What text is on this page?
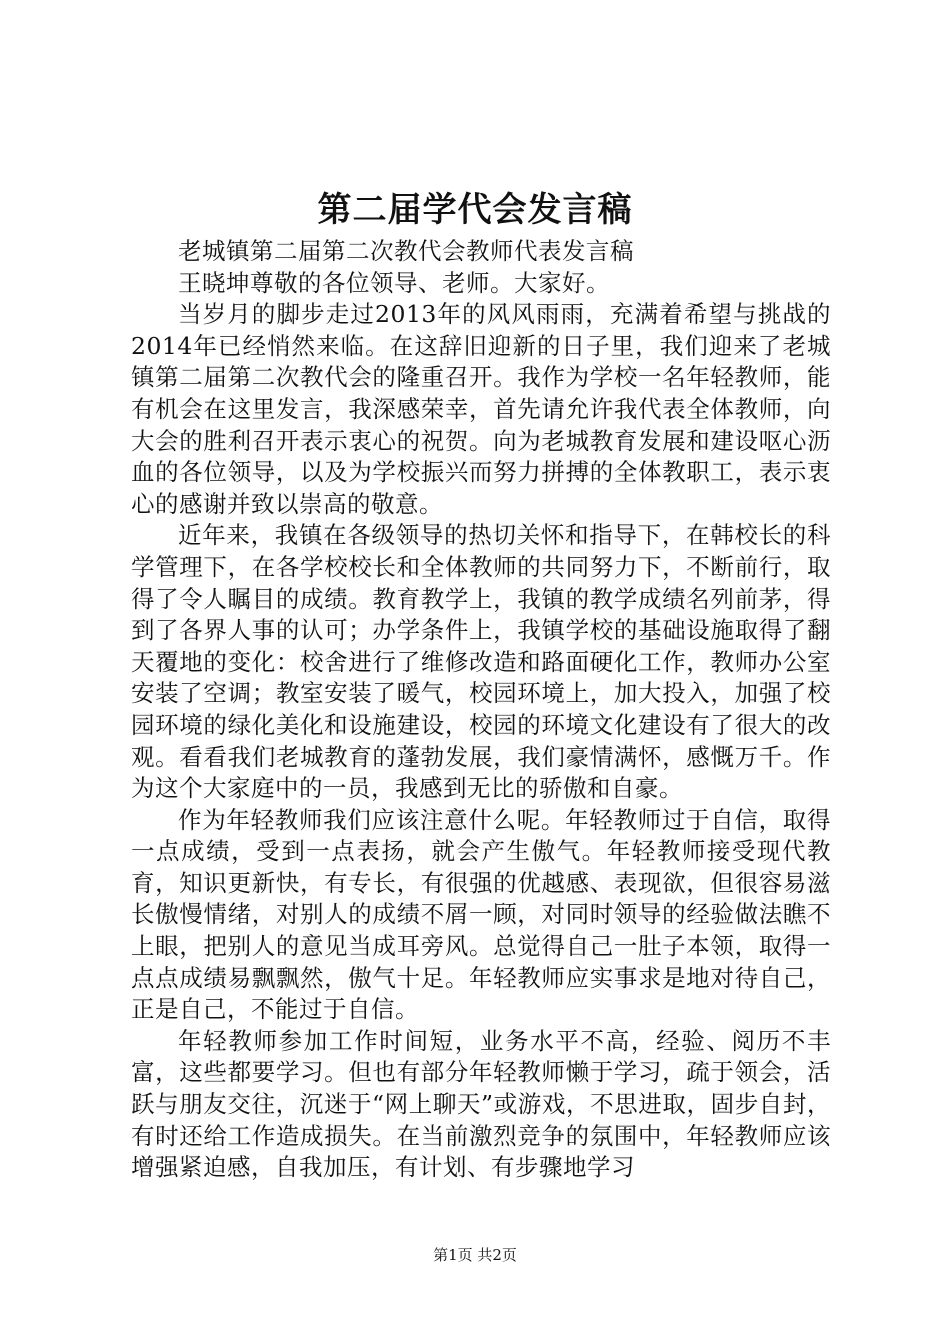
第二届学代会发言稿

老城镇第二届第二次教代会教师代表发言稿

王晓坤尊敬的各位领导、老师。大家好。

当岁月的脚步走过2013年的风风雨雨，充满着希望与挑战的2014年已经悄然来临。在这辞旧迎新的日子里，我们迎来了老城镇第二届第二次教代会的隆重召开。我作为学校一名年轻教师，能有机会在这里发言，我深感荣幸，首先请允许我代表全体教师，向大会的胜利召开表示衷心的祝贺。向为老城教育发展和建设呕心沥血的各位领导，以及为学校振兴而努力拼搏的全体教职工，表示衷心的感谢并致以崇高的敬意。

近年来，我镇在各级领导的热切关怀和指导下，在韩校长的科学管理下，在各学校校长和全体教师的共同努力下，不断前行，取得了令人瞩目的成绩。教育教学上，我镇的教学成绩名列前茅，得到了各界人事的认可；办学条件上，我镇学校的基础设施取得了翻天覆地的变化：校舍进行了维修改造和路面硬化工作，教师办公室安装了空调；教室安装了暖气，校园环境上，加大投入，加强了校园环境的绿化美化和设施建设，校园的环境文化建设有了很大的改观。看看我们老城教育的蓬勃发展，我们豪情满怀，感慨万千。作为这个大家庭中的一员，我感到无比的骄傲和自豪。

作为年轻教师我们应该注意什么呢。年轻教师过于自信，取得一点成绩，受到一点表扬，就会产生傲气。年轻教师接受现代教育，知识更新快，有专长，有很强的优越感、表现欲，但很容易滋长傲慢情绪，对别人的成绩不屑一顾，对同时领导的经验做法瞧不上眼，把别人的意见当成耳旁风。总觉得自己一肚子本领，取得一点点成绩易飘飘然，傲气十足。年轻教师应实事求是地对待自己，正是自己，不能过于自信。

年轻教师参加工作时间短，业务水平不高，经验、阅历不丰富，这些都要学习。但也有部分年轻教师懒于学习，疏于领会，活跃与朋友交往，沉迷于“网上聊天”或游戏，不思进取，固步自封，有时还给工作造成损失。在当前激烈竞争的氛围中，年轻教师应该增强紧迫感，自我加压，有计划、有步骤地学习

第1页 共2页
